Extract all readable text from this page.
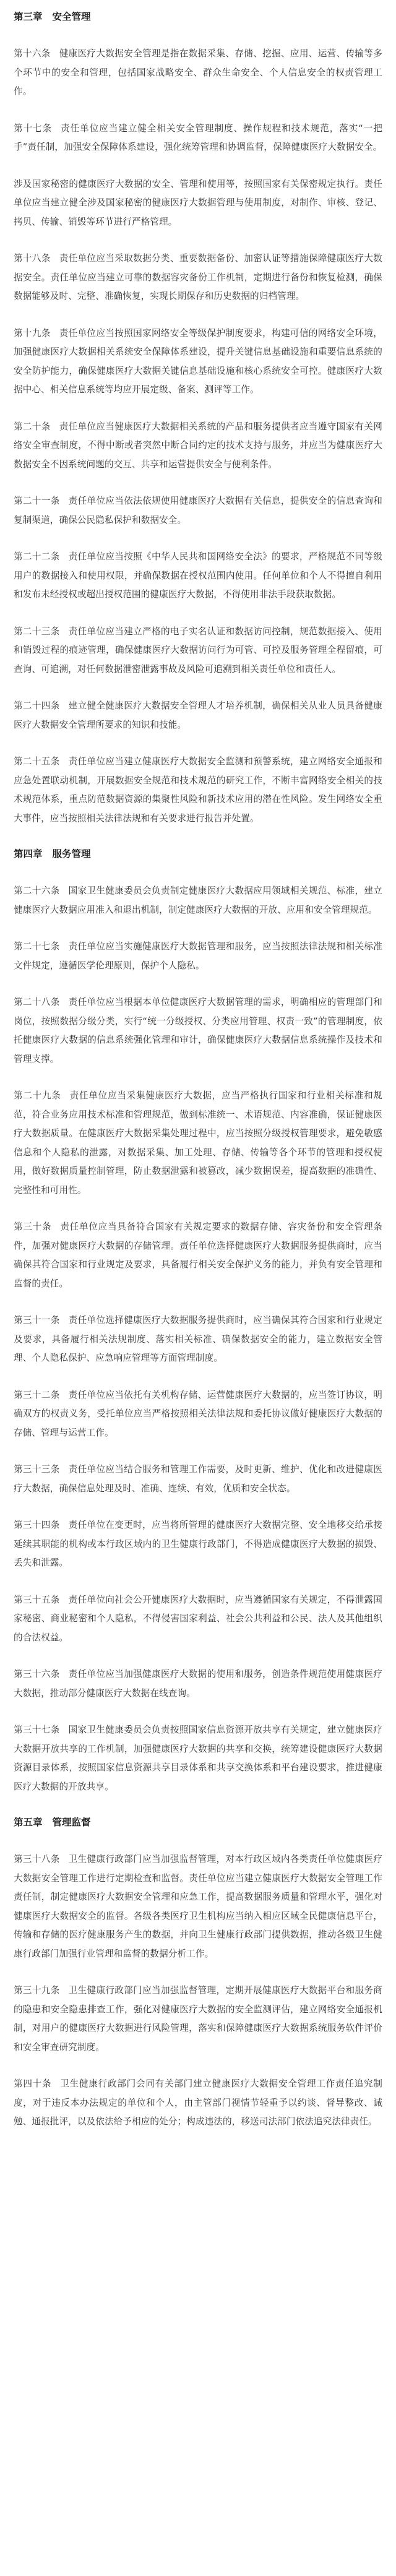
第三章 安全管理

第十六条 健康医疗大数据安全管理是指在数据采集、存储、挖掘、应用、运营、传输等多个环节中的安全和管理，包括国家战略安全、群众生命安全、个人信息安全的权责管理工作。

第十七条 责任单位应当建立健全相关安全管理制度、操作规程和技术规范，落实“一把手”责任制，加强安全保障体系建设，强化统筹管理和协调监督，保障健康医疗大数据安全。

涉及国家秘密的健康医疗大数据的安全、管理和使用等，按照国家有关保密规定执行。责任单位应当建立健全涉及国家秘密的健康医疗大数据管理与使用制度，对制作、审核、登记、拷贝、传输、销毁等环节进行严格管理。

第十八条 责任单位应当采取数据分类、重要数据备份、加密认证等措施保障健康医疗大数据安全。责任单位应当建立可靠的数据容灾备份工作机制，定期进行备份和恢复检测，确保数据能够及时、完整、准确恢复，实现长期保存和历史数据的归档管理。

第十九条 责任单位应当按照国家网络安全等级保护制度要求，构建可信的网络安全环境，加强健康医疗大数据相关系统安全保障体系建设，提升关键信息基础设施和重要信息系统的安全防护能力，确保健康医疗大数据关键信息基础设施和核心系统安全可控。健康医疗大数据中心、相关信息系统等均应开展定级、备案、测评等工作。

第二十条 责任单位应当健康医疗大数据相关系统的产品和服务提供者应当遵守国家有关网络安全审查制度，不得中断或者突然中断合同约定的技术支持与服务，并应当为健康医疗大数据安全不因系统问题的交互、共享和运营提供安全与便利条件。

第二十一条 责任单位应当依法依规使用健康医疗大数据有关信息，提供安全的信息查询和复制渠道，确保公民隐私保护和数据安全。

第二十二条 责任单位应当按照《中华人民共和国网络安全法》的要求，严格规范不同等级用户的数据接入和使用权限，并确保数据在授权范围内使用。任何单位和个人不得擅自利用和发布未经授权或超出授权范围的健康医疗大数据，不得使用非法手段获取数据。

第二十三条 责任单位应当建立严格的电子实名认证和数据访问控制，规范数据接入、使用和销毁过程的痕迹管理，确保健康医疗大数据访问行为可管、可控及服务管理全程留痕，可查询、可追溯，对任何数据泄密泄露事故及风险可追溯到相关责任单位和责任人。

第二十四条 建立健全健康医疗大数据安全管理人才培养机制，确保相关从业人员具备健康医疗大数据安全管理所要求的知识和技能。

第二十五条 责任单位应当建立健康医疗大数据安全监测和预警系统，建立网络安全通报和应急处置联动机制，开展数据安全规范和技术规范的研究工作，不断丰富网络安全相关的技术规范体系，重点防范数据资源的集聚性风险和新技术应用的潜在性风险。发生网络安全重大事件，应当按照相关法律法规和有关要求进行报告并处置。

第四章 服务管理

第二十六条 国家卫生健康委员会负责制定健康医疗大数据应用领域相关规范、标准，建立健康医疗大数据应用准入和退出机制，制定健康医疗大数据的开放、应用和安全管理规范。

第二十七条 责任单位应当实施健康医疗大数据管理和服务，应当按照法律法规和相关标准文件规定，遵循医学伦理原则，保护个人隐私。

第二十八条 责任单位应当根据本单位健康医疗大数据管理的需求，明确相应的管理部门和岗位，按照数据分级分类，实行“统一分级授权、分类应用管理、权责一致”的管理制度，依托健康医疗大数据的信息系统强化管理和审计，确保健康医疗大数据信息系统操作及技术和管理支撑。

第二十九条 责任单位应当采集健康医疗大数据，应当严格执行国家和行业相关标准和规范，符合业务应用技术标准和管理规范，做到标准统一、术语规范、内容准确，保证健康医疗大数据质量。在健康医疗大数据采集处理过程中，应当按照分级授权管理要求，避免敏感信息和个人隐私的泄露，对数据采集、加工处理、存储、传输等各个环节的管理和授权使用，做好数据质量控制管理，防止数据泄露和被篡改，减少数据误差，提高数据的准确性、完整性和可用性。

第三十条 责任单位应当具备符合国家有关规定要求的数据存储、容灾备份和安全管理条件，加强对健康医疗大数据的存储管理。责任单位选择健康医疗大数据服务提供商时，应当确保其符合国家和行业规定及要求，具备履行相关安全保护义务的能力，并负有安全管理和监督的责任。

第三十一条 责任单位选择健康医疗大数据服务提供商时，应当确保其符合国家和行业规定及要求，具备履行相关法规制度、落实相关标准、确保数据安全的能力，建立数据安全管理、个人隐私保护、应急响应管理等方面管理制度。

第三十二条 责任单位应当依托有关机构存储、运营健康医疗大数据的，应当签订协议，明确双方的权责义务，受托单位应当严格按照相关法律法规和委托协议做好健康医疗大数据的存储、管理与运营工作。

第三十三条 责任单位应当结合服务和管理工作需要，及时更新、维护、优化和改进健康医疗大数据，确保信息处理及时、准确、连续、有效，优质和安全状态。

第三十四条 责任单位在变更时，应当将所管理的健康医疗大数据完整、安全地移交给承接延续其职能的机构或本行政区域内的卫生健康行政部门，不得造成健康医疗大数据的损毁、丢失和泄露。

第三十五条 责任单位向社会公开健康医疗大数据时，应当遵循国家有关规定，不得泄露国家秘密、商业秘密和个人隐私，不得侵害国家利益、社会公共利益和公民、法人及其他组织的合法权益。

第三十六条 责任单位应当加强健康医疗大数据的使用和服务，创造条件规范使用健康医疗大数据，推动部分健康医疗大数据在线查询。

第三十七条 国家卫生健康委员会负责按照国家信息资源开放共享有关规定，建立健康医疗大数据开放共享的工作机制，加强健康医疗大数据的共享和交换，统筹建设健康医疗大数据资源目录体系，按照国家信息资源共享目录体系和共享交换体系和平台建设要求，推进健康医疗大数据的开放共享。

第五章 管理监督

第三十八条 卫生健康行政部门应当加强监督管理，对本行政区域内各类责任单位健康医疗大数据安全管理工作进行定期检查和监督。责任单位应当建立健康医疗大数据安全管理工作责任制，制定健康医疗大数据安全管理和应急工作，提高数据服务质量和管理水平，强化对健康医疗大数据安全的监督。各级各类医疗卫生机构应当纳入相应区域全民健康信息平台，传输和存储的医疗健康服务产生的数据，并向卫生健康行政部门提供数据，推动各级卫生健康行政部门加强行业管理和监督的数据分析工作。

第三十九条 卫生健康行政部门应当加强监督管理，定期开展健康医疗大数据平台和服务商的隐患和安全隐患排查工作，强化对健康医疗大数据的安全监测评估，建立网络安全通报机制，对用户的健康医疗大数据进行风险管理，落实和保障健康医疗大数据系统服务软件评价和安全审查研究制度。

第四十条 卫生健康行政部门会同有关部门建立健康医疗大数据安全管理工作责任追究制度，对于违反本办法规定的单位和个人，由主管部门视情节轻重予以约谈、督导整改、诫勉、通报批评，以及依法给予相应的处分；构成违法的，移送司法部门依法追究法律责任。
